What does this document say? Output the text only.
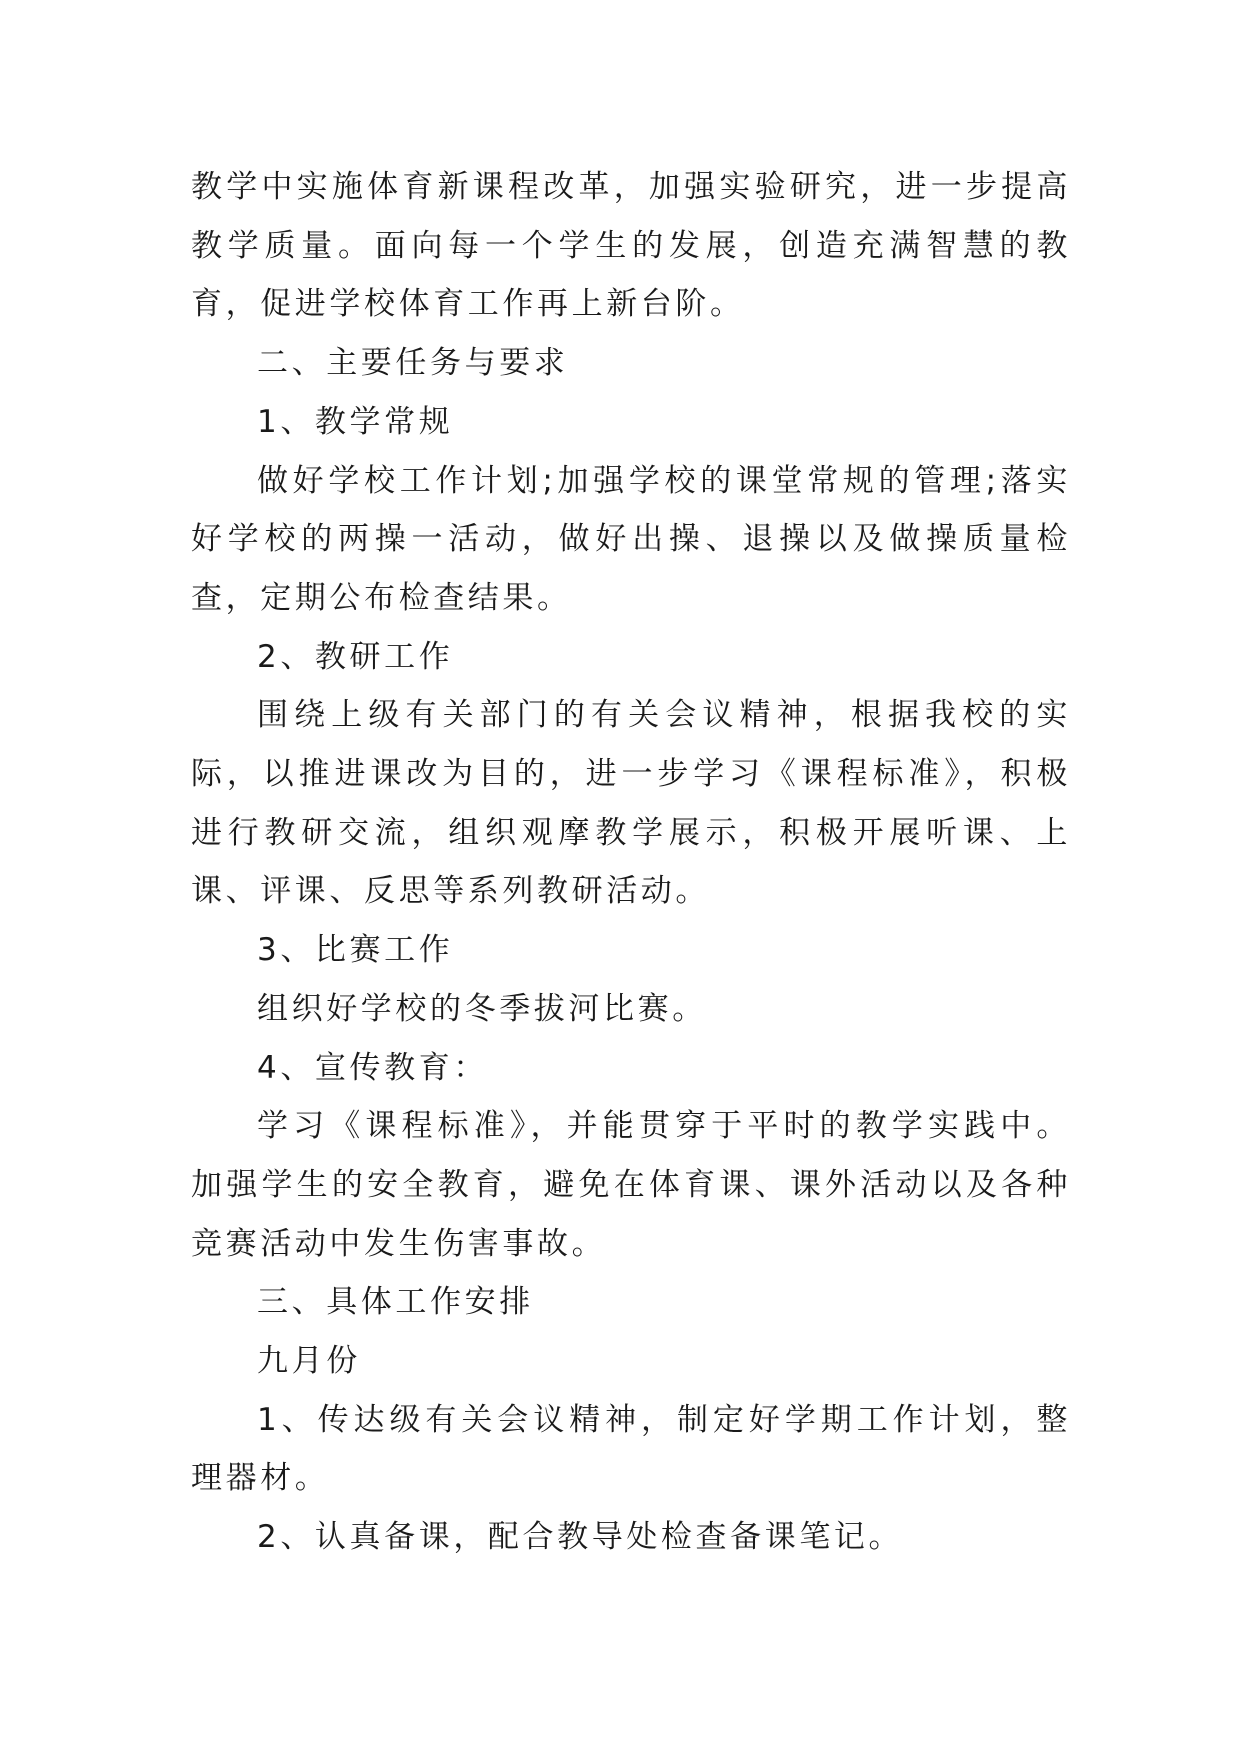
教学中实施体育新课程改革，加强实验研究，进一步提高教学质量。面向每一个学生的发展，创造充满智慧的教育，促进学校体育工作再上新台阶。

二、主要任务与要求

1、教学常规

做好学校工作计划;加强学校的课堂常规的管理;落实好学校的两操一活动，做好出操、退操以及做操质量检查，定期公布检查结果。

2、教研工作

围绕上级有关部门的有关会议精神，根据我校的实际，以推进课改为目的，进一步学习《课程标准》，积极进行教研交流，组织观摩教学展示，积极开展听课、上课、评课、反思等系列教研活动。

3、比赛工作

组织好学校的冬季拔河比赛。

4、宣传教育：

学习《课程标准》，并能贯穿于平时的教学实践中。加强学生的安全教育，避免在体育课、课外活动以及各种竞赛活动中发生伤害事故。

三、具体工作安排

九月份

1、传达级有关会议精神，制定好学期工作计划，整理器材。

2、认真备课，配合教导处检查备课笔记。
